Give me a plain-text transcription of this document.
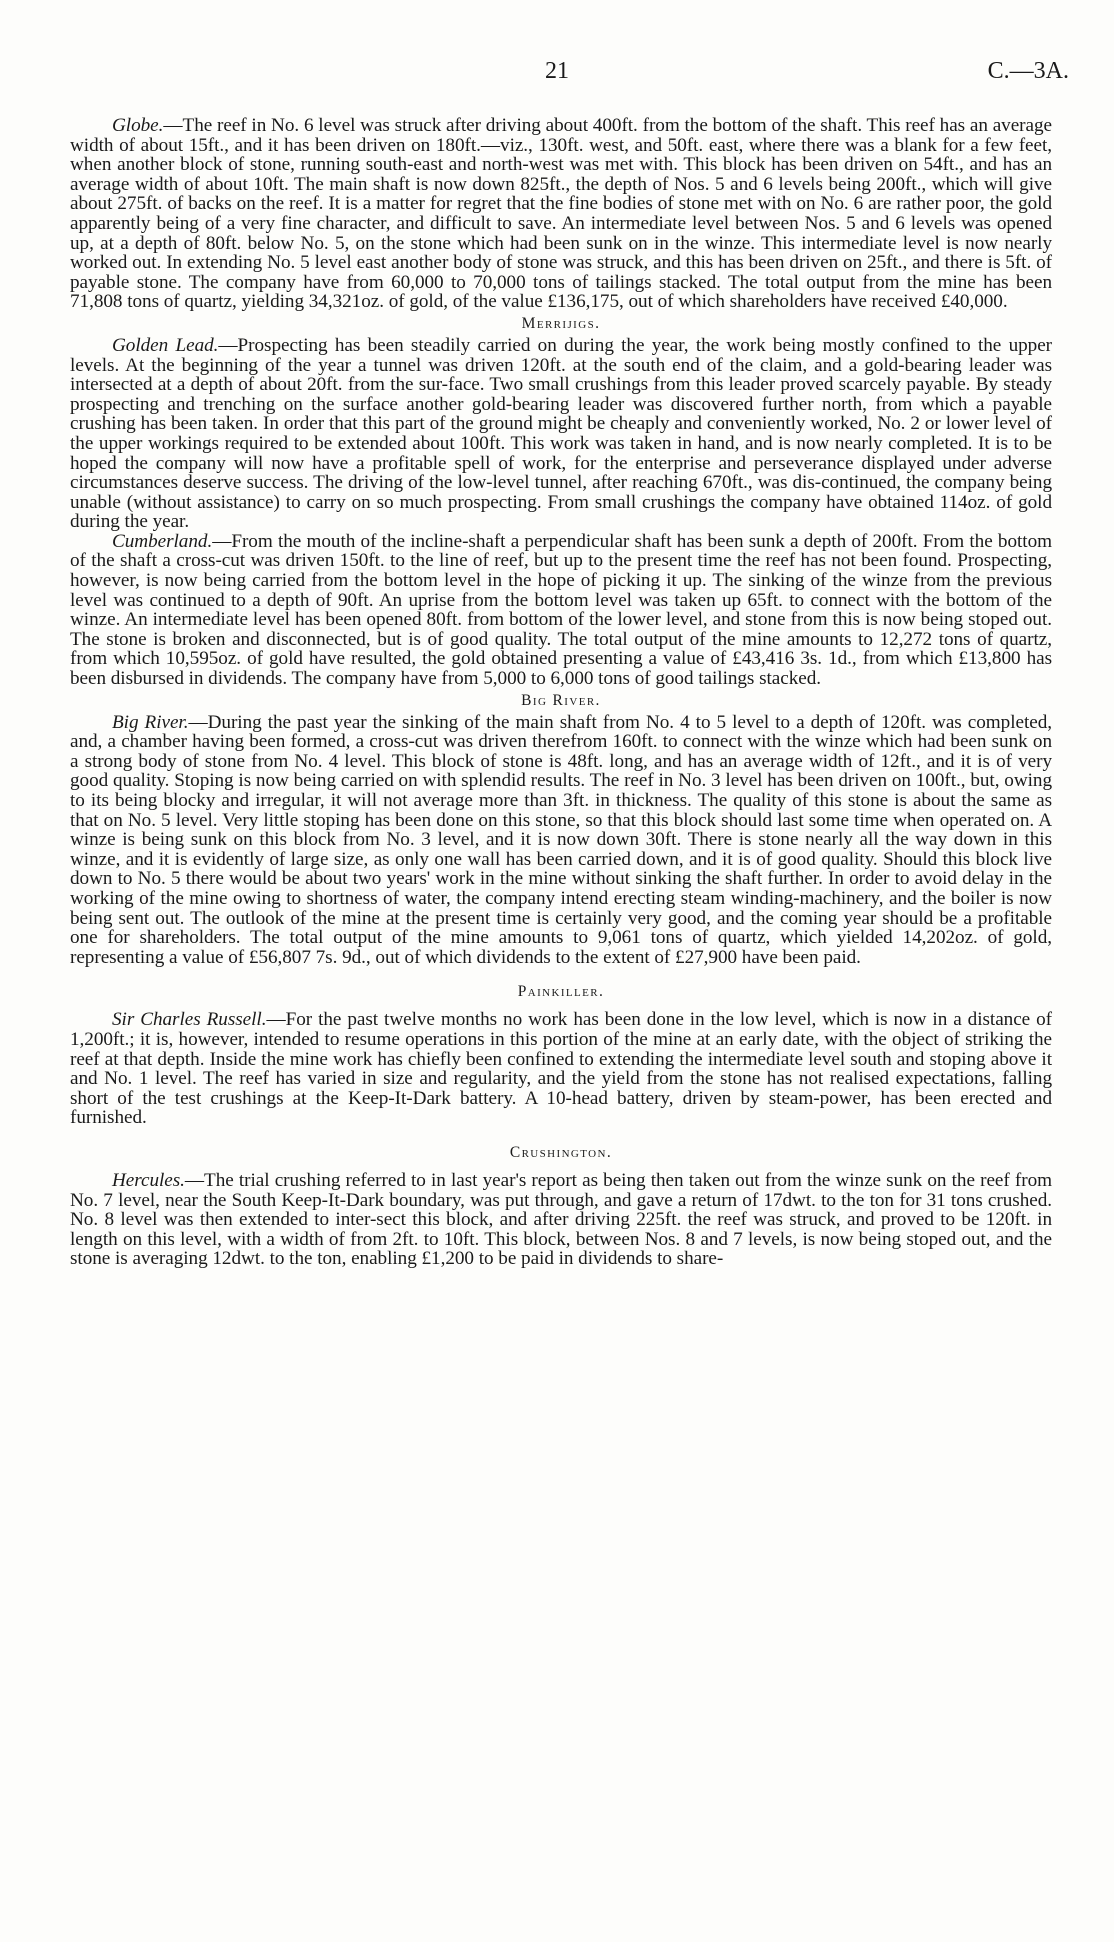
21	C.—3A.

Globe.—The reef in No. 6 level was struck after driving about 400ft. from the bottom of the shaft. This reef has an average width of about 15ft., and it has been driven on 180ft.—viz., 130ft. west, and 50ft. east, where there was a blank for a few feet, when another block of stone, running south-east and north-west was met with. This block has been driven on 54ft., and has an average width of about 10ft. The main shaft is now down 825ft., the depth of Nos. 5 and 6 levels being 200ft., which will give about 275ft. of backs on the reef. It is a matter for regret that the fine bodies of stone met with on No. 6 are rather poor, the gold apparently being of a very fine character, and difficult to save. An intermediate level between Nos. 5 and 6 levels was opened up, at a depth of 80ft. below No. 5, on the stone which had been sunk on in the winze. This intermediate level is now nearly worked out. In extending No. 5 level east another body of stone was struck, and this has been driven on 25ft., and there is 5ft. of payable stone. The company have from 60,000 to 70,000 tons of tailings stacked. The total output from the mine has been 71,808 tons of quartz, yielding 34,321oz. of gold, of the value £136,175, out of which shareholders have received £40,000.

Merrijigs.

Golden Lead.—Prospecting has been steadily carried on during the year, the work being mostly confined to the upper levels. At the beginning of the year a tunnel was driven 120ft. at the south end of the claim, and a gold-bearing leader was intersected at a depth of about 20ft. from the sur-face. Two small crushings from this leader proved scarcely payable. By steady prospecting and trenching on the surface another gold-bearing leader was discovered further north, from which a payable crushing has been taken. In order that this part of the ground might be cheaply and conveniently worked, No. 2 or lower level of the upper workings required to be extended about 100ft. This work was taken in hand, and is now nearly completed. It is to be hoped the company will now have a profitable spell of work, for the enterprise and perseverance displayed under adverse circumstances deserve success. The driving of the low-level tunnel, after reaching 670ft., was dis-continued, the company being unable (without assistance) to carry on so much prospecting. From small crushings the company have obtained 114oz. of gold during the year.

Cumberland.—From the mouth of the incline-shaft a perpendicular shaft has been sunk a depth of 200ft. From the bottom of the shaft a cross-cut was driven 150ft. to the line of reef, but up to the present time the reef has not been found. Prospecting, however, is now being carried from the bottom level in the hope of picking it up. The sinking of the winze from the previous level was continued to a depth of 90ft. An uprise from the bottom level was taken up 65ft. to connect with the bottom of the winze. An intermediate level has been opened 80ft. from bottom of the lower level, and stone from this is now being stoped out. The stone is broken and disconnected, but is of good quality. The total output of the mine amounts to 12,272 tons of quartz, from which 10,595oz. of gold have resulted, the gold obtained presenting a value of £43,416 3s. 1d., from which £13,800 has been disbursed in dividends. The company have from 5,000 to 6,000 tons of good tailings stacked.

Big River.

Big River.—During the past year the sinking of the main shaft from No. 4 to 5 level to a depth of 120ft. was completed, and, a chamber having been formed, a cross-cut was driven therefrom 160ft. to connect with the winze which had been sunk on a strong body of stone from No. 4 level. This block of stone is 48ft. long, and has an average width of 12ft., and it is of very good quality. Stoping is now being carried on with splendid results. The reef in No. 3 level has been driven on 100ft., but, owing to its being blocky and irregular, it will not average more than 3ft. in thickness. The quality of this stone is about the same as that on No. 5 level. Very little stoping has been done on this stone, so that this block should last some time when operated on. A winze is being sunk on this block from No. 3 level, and it is now down 30ft. There is stone nearly all the way down in this winze, and it is evidently of large size, as only one wall has been carried down, and it is of good quality. Should this block live down to No. 5 there would be about two years' work in the mine without sinking the shaft further. In order to avoid delay in the working of the mine owing to shortness of water, the company intend erecting steam winding-machinery, and the boiler is now being sent out. The outlook of the mine at the present time is certainly very good, and the coming year should be a profitable one for shareholders. The total output of the mine amounts to 9,061 tons of quartz, which yielded 14,202oz. of gold, representing a value of £56,807 7s. 9d., out of which dividends to the extent of £27,900 have been paid.

Painkiller.

Sir Charles Russell.—For the past twelve months no work has been done in the low level, which is now in a distance of 1,200ft.; it is, however, intended to resume operations in this portion of the mine at an early date, with the object of striking the reef at that depth. Inside the mine work has chiefly been confined to extending the intermediate level south and stoping above it and No. 1 level. The reef has varied in size and regularity, and the yield from the stone has not realised expectations, falling short of the test crushings at the Keep-It-Dark battery. A 10-head battery, driven by steam-power, has been erected and furnished.

Crushington.

Hercules.—The trial crushing referred to in last year's report as being then taken out from the winze sunk on the reef from No. 7 level, near the South Keep-It-Dark boundary, was put through, and gave a return of 17dwt. to the ton for 31 tons crushed. No. 8 level was then extended to inter-sect this block, and after driving 225ft. the reef was struck, and proved to be 120ft. in length on this level, with a width of from 2ft. to 10ft. This block, between Nos. 8 and 7 levels, is now being stoped out, and the stone is averaging 12dwt. to the ton, enabling £1,200 to be paid in dividends to share-
